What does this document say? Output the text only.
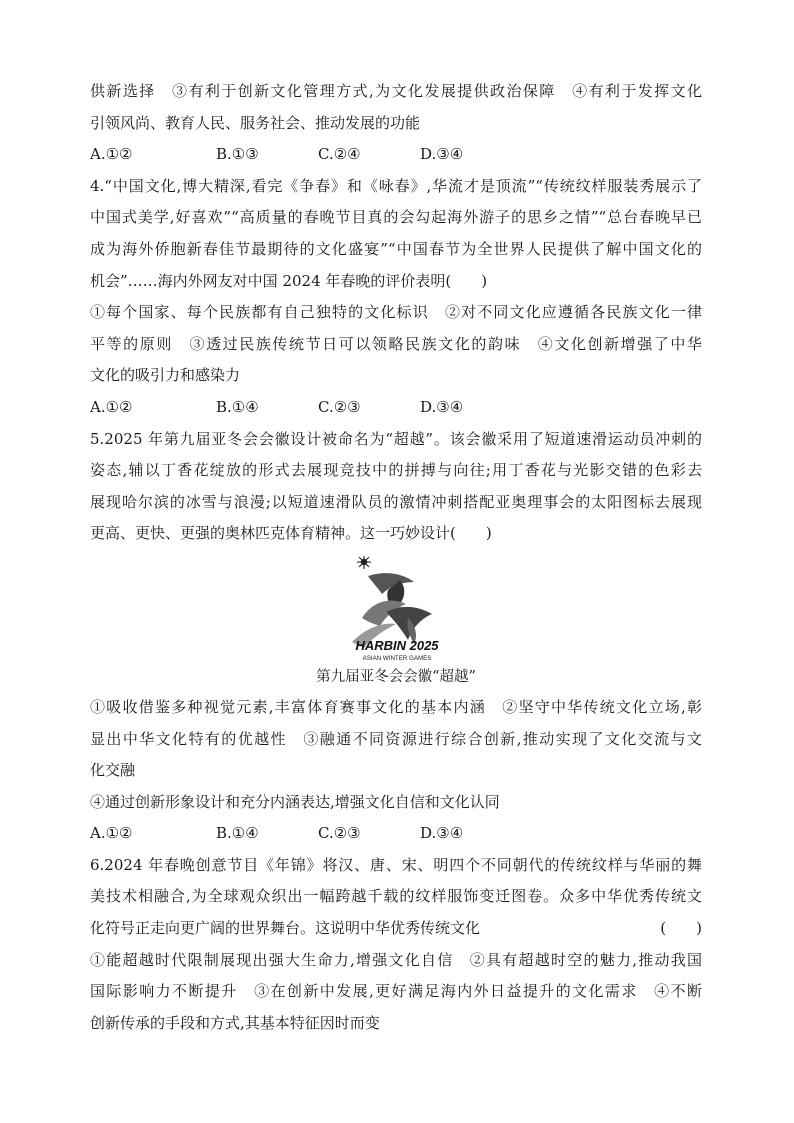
供新选择　③有利于创新文化管理方式,为文化发展提供政治保障　④有利于发挥文化
引领风尚、教育人民、服务社会、推动发展的功能
A.①②	B.①③	C.②④	D.③④
4.“中国文化,博大精深,看完《争春》和《咏春》,华流才是顶流”“传统纹样服装秀展示了
中国式美学,好喜欢”“高质量的春晚节目真的会勾起海外游子的思乡之情”“总台春晚早已
成为海外侨胞新春佳节最期待的文化盛宴”“中国春节为全世界人民提供了解中国文化的
机会”……海内外网友对中国 2024 年春晚的评价表明(　　)
①每个国家、每个民族都有自己独特的文化标识　②对不同文化应遵循各民族文化一律
平等的原则　③透过民族传统节日可以领略民族文化的韵味　④文化创新增强了中华
文化的吸引力和感染力
A.①②	B.①④	C.②③	D.③④
5.2025 年第九届亚冬会会徽设计被命名为“超越”。该会徽采用了短道速滑运动员冲刺的
姿态,辅以丁香花绽放的形式去展现竞技中的拼搏与向往;用丁香花与光影交错的色彩去
展现哈尔滨的冰雪与浪漫;以短道速滑队员的激情冲刺搭配亚奥理事会的太阳图标去展现
更高、更快、更强的奥林匹克体育精神。这一巧妙设计(　　)
HARBIN 2025
ASIAN WINTER GAMES
第九届亚冬会会徽“超越”
①吸收借鉴多种视觉元素,丰富体育赛事文化的基本内涵　②坚守中华传统文化立场,彰
显出中华文化特有的优越性　③融通不同资源进行综合创新,推动实现了文化交流与文
化交融
④通过创新形象设计和充分内涵表达,增强文化自信和文化认同
A.①②	B.①④	C.②③	D.③④
6.2024 年春晚创意节目《年锦》将汉、唐、宋、明四个不同朝代的传统纹样与华丽的舞
美技术相融合,为全球观众织出一幅跨越千载的纹样服饰变迁图卷。众多中华优秀传统文
化符号正走向更广阔的世界舞台。这说明中华优秀传统文化	(　　)
①能超越时代限制展现出强大生命力,增强文化自信　②具有超越时空的魅力,推动我国
国际影响力不断提升　③在创新中发展,更好满足海内外日益提升的文化需求　④不断
创新传承的手段和方式,其基本特征因时而变
